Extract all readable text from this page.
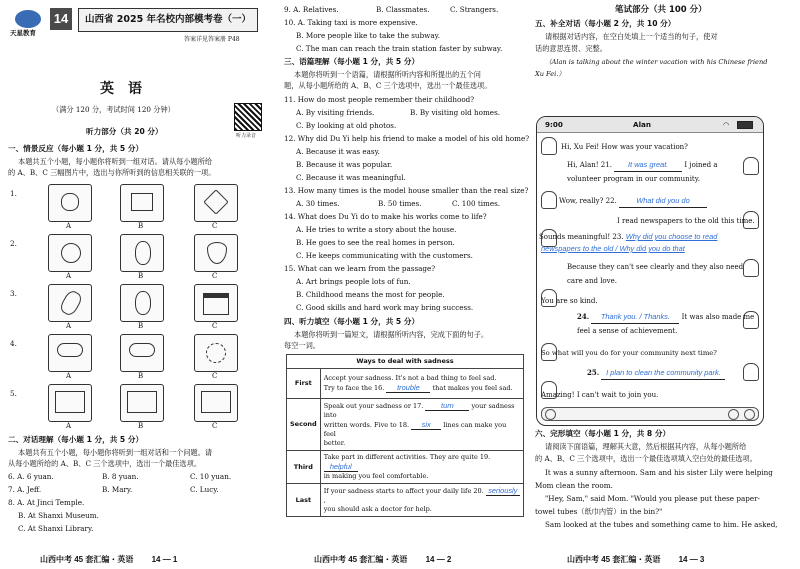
天星教育
14	山西省 2025 年名校内部模考卷（一）
答案详见答案册 P48
英　语
（满分 120 分，考试时间 120 分钟）
听力录音
听力部分（共 20 分）
一、情景反应（每小题 1 分，共 5 分）
本题共五个小题，每小题你将听到一组对话。请从每小题所给
的 A、B、C 三幅图片中，选出与你所听到的信息相关联的一项。
1.
A	B	C
2.
A	B	C
3.
A	B	C
4.
A	B	C
5.
A	B	C
二、对话理解（每小题 1 分，共 5 分）
本题共有五个小题，每小题你将听到一组对话和一个问题。请
从每小题所给的 A、B、C 三个选项中，选出一个最佳选项。
6. A. 6 yuan.	B. 8 yuan.	C. 10 yuan.
7. A. Jeff.	B. Mary.	C. Lucy.
8. A. At Jinci Temple.
B. At Shanxi Museum.
C. At Shanxi Library.
山西中考 45 套汇编・英语 14 — 1
9. A. Relatives.	B. Classmates.	C. Strangers.
10. A. Taking taxi is more expensive.
B. More people like to take the subway.
C. The man can reach the train station faster by subway.
三、语篇理解（每小题 1 分，共 5 分）
本题你将听到一个语篇，请根据所听内容和所提出的五个问
题，从每小题所给的 A、B、C 三个选项中，选出一个最佳选项。
11. How do most people remember their childhood?
A. By visiting friends.	B. By visiting old homes.
C. By looking at old photos.
12. Why did Du Yi help his friend to make a model of his old home?
A. Because it was easy.
B. Because it was popular.
C. Because it was meaningful.
13. How many times is the model house smaller than the real size?
A. 30 times.	B. 50 times.	C. 100 times.
14. What does Du Yi do to make his works come to life?
A. He tries to write a story about the house.
B. He goes to see the real homes in person.
C. He keeps communicating with the customers.
15. What can we learn from the passage?
A. Art brings people lots of fun.
B. Childhood means the most for people.
C. Good skills and hard work may bring success.
四、听力填空（每小题 1 分，共 5 分）
本题你将听到一篇短文，请根据所听内容，完成下面的句子。
每空一词。
Ways to deal with sadness	
First	Accept your sadness. It's not a bad thing to feel sad.
Try to face the 16. trouble that makes you feel sad.

Second	Speak out your sadness or 17. turn your sadness into
written words. Five to 18. six lines can make you feel
better.

Third	Take part in different activities. They are quite 19. helpful
in making you feel comfortable.

Last	If your sadness starts to affect your daily life 20. seriously,
you should ask a doctor for help.
山西中考 45 套汇编・英语 14 — 2
笔试部分（共 100 分）
五、补全对话（每小题 2 分，共 10 分）
请根据对话内容，在空白处填上一个适当的句子，使对
话的意思连贯、完整。
（Alan is talking about the winter vacation with his Chinese friend
Xu Fei.）
六、完形填空（每小题 1 分，共 8 分）
请阅读下面语篇，理解其大意，然后根据其内容，从每小题所给
的 A、B、C 三个选项中，选出一个最佳选项填入空白处的最佳选项。
It was a sunny afternoon. Sam and his sister Lily were helping
Mom clean the room.
"Hey, Sam," said Mom. "Would you please put these paper-
towel tubes（纸巾内管）in the bin?"
Sam looked at the tubes and something came to him. He asked,
山西中考 45 套汇编・英语 14 — 3
9:00	Alan	◠
Hi, Xu Fei! How was your vacation?
Hi, Alan! 21. It was great. I joined a
volunteer program in our community.
Wow, really? 22.	What did you do
I read newspapers to the old this time.
Sounds meaningful! 23. Why did you choose to read
newspapers to the old / Why did you do that
Because they can't see clearly and they also need
care and love.
You are so kind.
24. Thank you. / Thanks. It was also made me
feel a sense of achievement.
So what will you do for your community next time?
25. I plan to clean the community park.
Amazing! I can't wait to join you.
